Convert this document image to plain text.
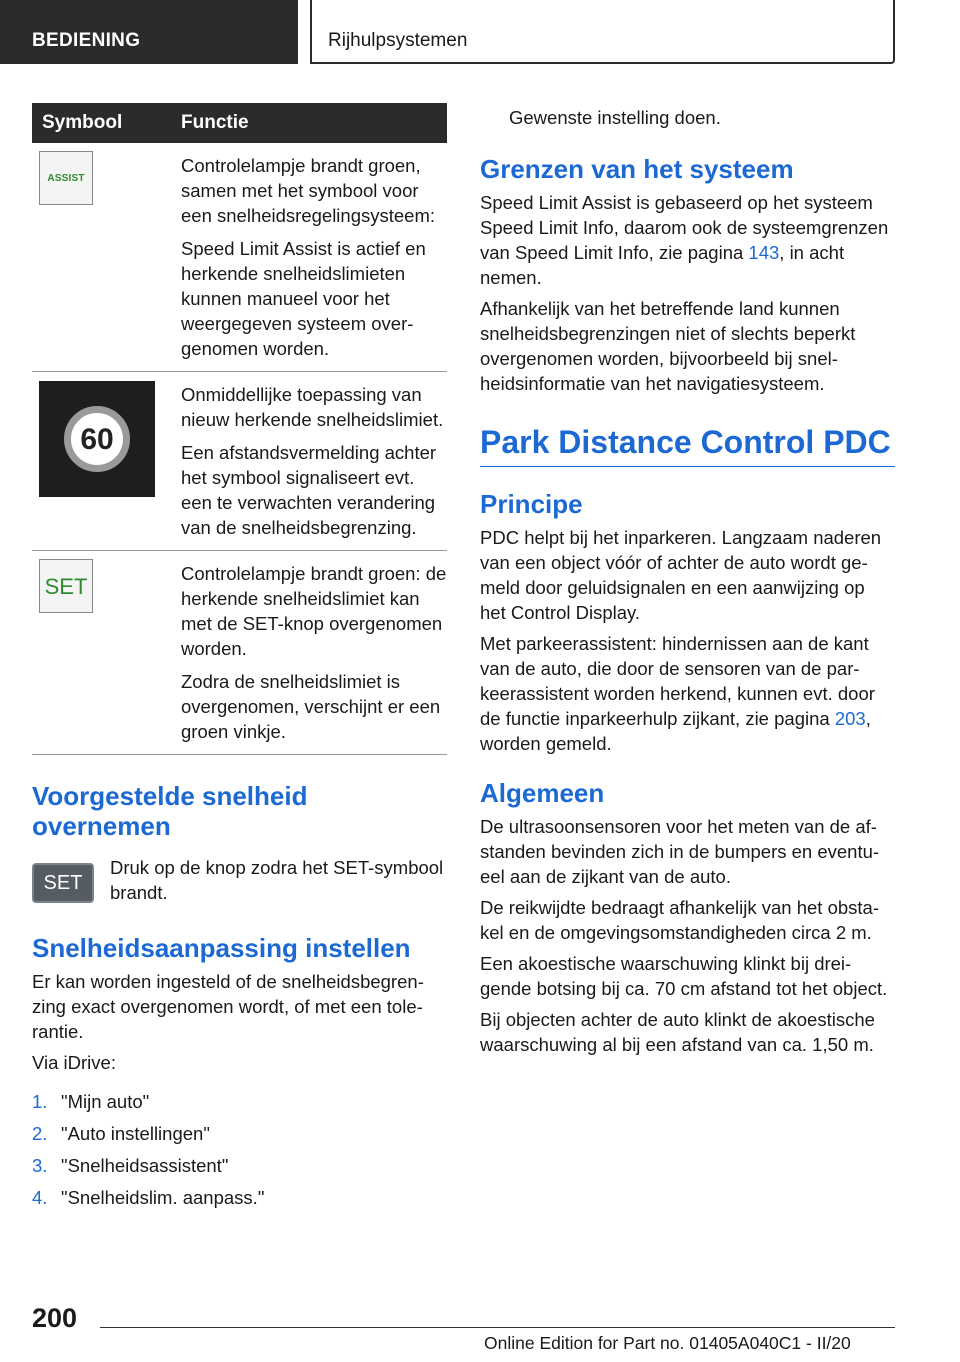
BEDIENING	Rijhulpsystemen
Symbool	Functie

ASSIST	Controlelampje brandt groen, samen met het symbool voor een snelheidsregelingsysteem:

Speed Limit Assist is actief en herkende snelheidslimieten kunnen manueel voor het weergegeven systeem overgenomen worden.

60	Onmiddellijke toepassing van nieuw herkende snelheidslimiet.

Een afstandsvermelding achter het symbool signaliseert evt. een te verwachten verandering van de snelheidsbegrenzing.

SET	Controlelampje brandt groen: de herkende snelheidslimiet kan met de SET-knop overgenomen worden.

Zodra de snelheidslimiet is overgenomen, verschijnt er een groen vinkje.

Voorgestelde snelheid overnemen
SET

Druk op de knop zodra het SET-symbool brandt.

Snelheidsaanpassing instellen

Er kan worden ingesteld of de snelheidsbegrenzing exact overgenomen wordt, of met een tolerantie.

Via iDrive:

1. "Mijn auto"
2. "Auto instellingen"
3. "Snelheidsassistent"
4. "Snelheidslim. aanpass."

Gewenste instelling doen.

Grenzen van het systeem

Speed Limit Assist is gebaseerd op het systeem Speed Limit Info, daarom ook de systeemgrenzen van Speed Limit Info, zie pagina 143, in acht nemen.

Afhankelijk van het betreffende land kunnen snelheidsbegrenzingen niet of slechts beperkt overgenomen worden, bijvoorbeeld bij snelheidsinformatie van het navigatiesysteem.

Park Distance Control PDC
Principe

PDC helpt bij het inparkeren. Langzaam naderen van een object vóór of achter de auto wordt gemeld door geluidsignalen en een aanwijzing op het Control Display.

Met parkeerassistent: hindernissen aan de kant van de auto, die door de sensoren van de parkeerassistent worden herkend, kunnen evt. door de functie inparkeerhulp zijkant, zie pagina 203, worden gemeld.

Algemeen

De ultrasoonsensoren voor het meten van de afstanden bevinden zich in de bumpers en eventueel aan de zijkant van de auto.

De reikwijdte bedraagt afhankelijk van het obstakel en de omgevingsomstandigheden circa 2 m.

Een akoestische waarschuwing klinkt bij dreigende botsing bij ca. 70 cm afstand tot het object.

Bij objecten achter de auto klinkt de akoestische waarschuwing al bij een afstand van ca. 1,50 m.

200
Online Edition for Part no. 01405A040C1 - II/20
